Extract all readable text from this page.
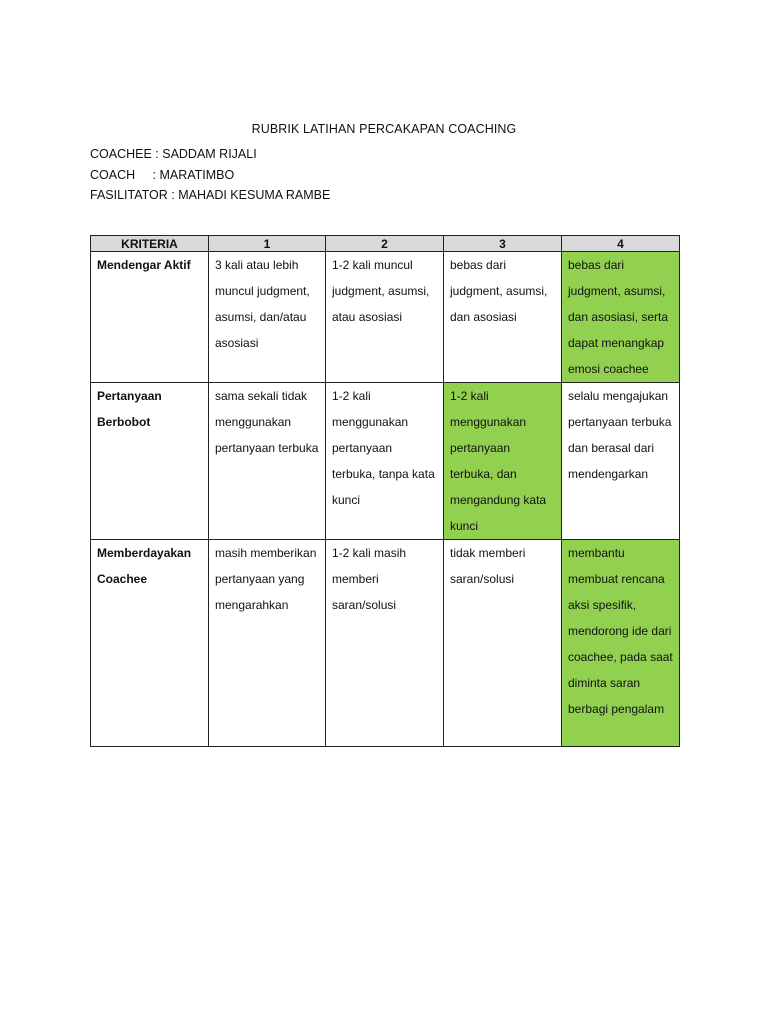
RUBRIK LATIHAN PERCAKAPAN COACHING
COACHEE : SADDAM RIJALI
COACH     : MARATIMBO
FASILITATOR : MAHADI KESUMA RAMBE
KRITERIA	1	2	3	4
Mendengar Aktif	3 kali atau lebih muncul judgment, asumsi, dan/atau asosiasi	1-2 kali muncul judgment, asumsi, atau asosiasi	bebas dari judgment, asumsi, dan asosiasi	bebas dari judgment, asumsi, dan asosiasi, serta dapat menangkap emosi coachee
Pertanyaan Berbobot	sama sekali tidak menggunakan pertanyaan terbuka	1-2 kali menggunakan pertanyaan terbuka, tanpa kata kunci	1-2 kali menggunakan pertanyaan terbuka, dan mengandung kata kunci	selalu mengajukan pertanyaan terbuka dan berasal dari mendengarkan
Memberdayakan Coachee	masih memberikan pertanyaan yang mengarahkan	1-2 kali masih memberi saran/solusi	tidak memberi saran/solusi	membantu membuat rencana aksi spesifik, mendorong ide dari coachee, pada saat diminta saran berbagi pengalam
